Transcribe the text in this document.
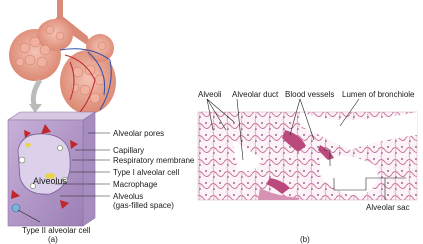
Alveolar pores
Capillary
Respiratory membrane
Type I alveolar cell
Macrophage
Alveolus
(gas-filled space)
Alveolus
Type II alveolar cell
(a)
Alveoli Alveolar duct Blood vessels Lumen of bronchiole
Alveolar sac
(b)
